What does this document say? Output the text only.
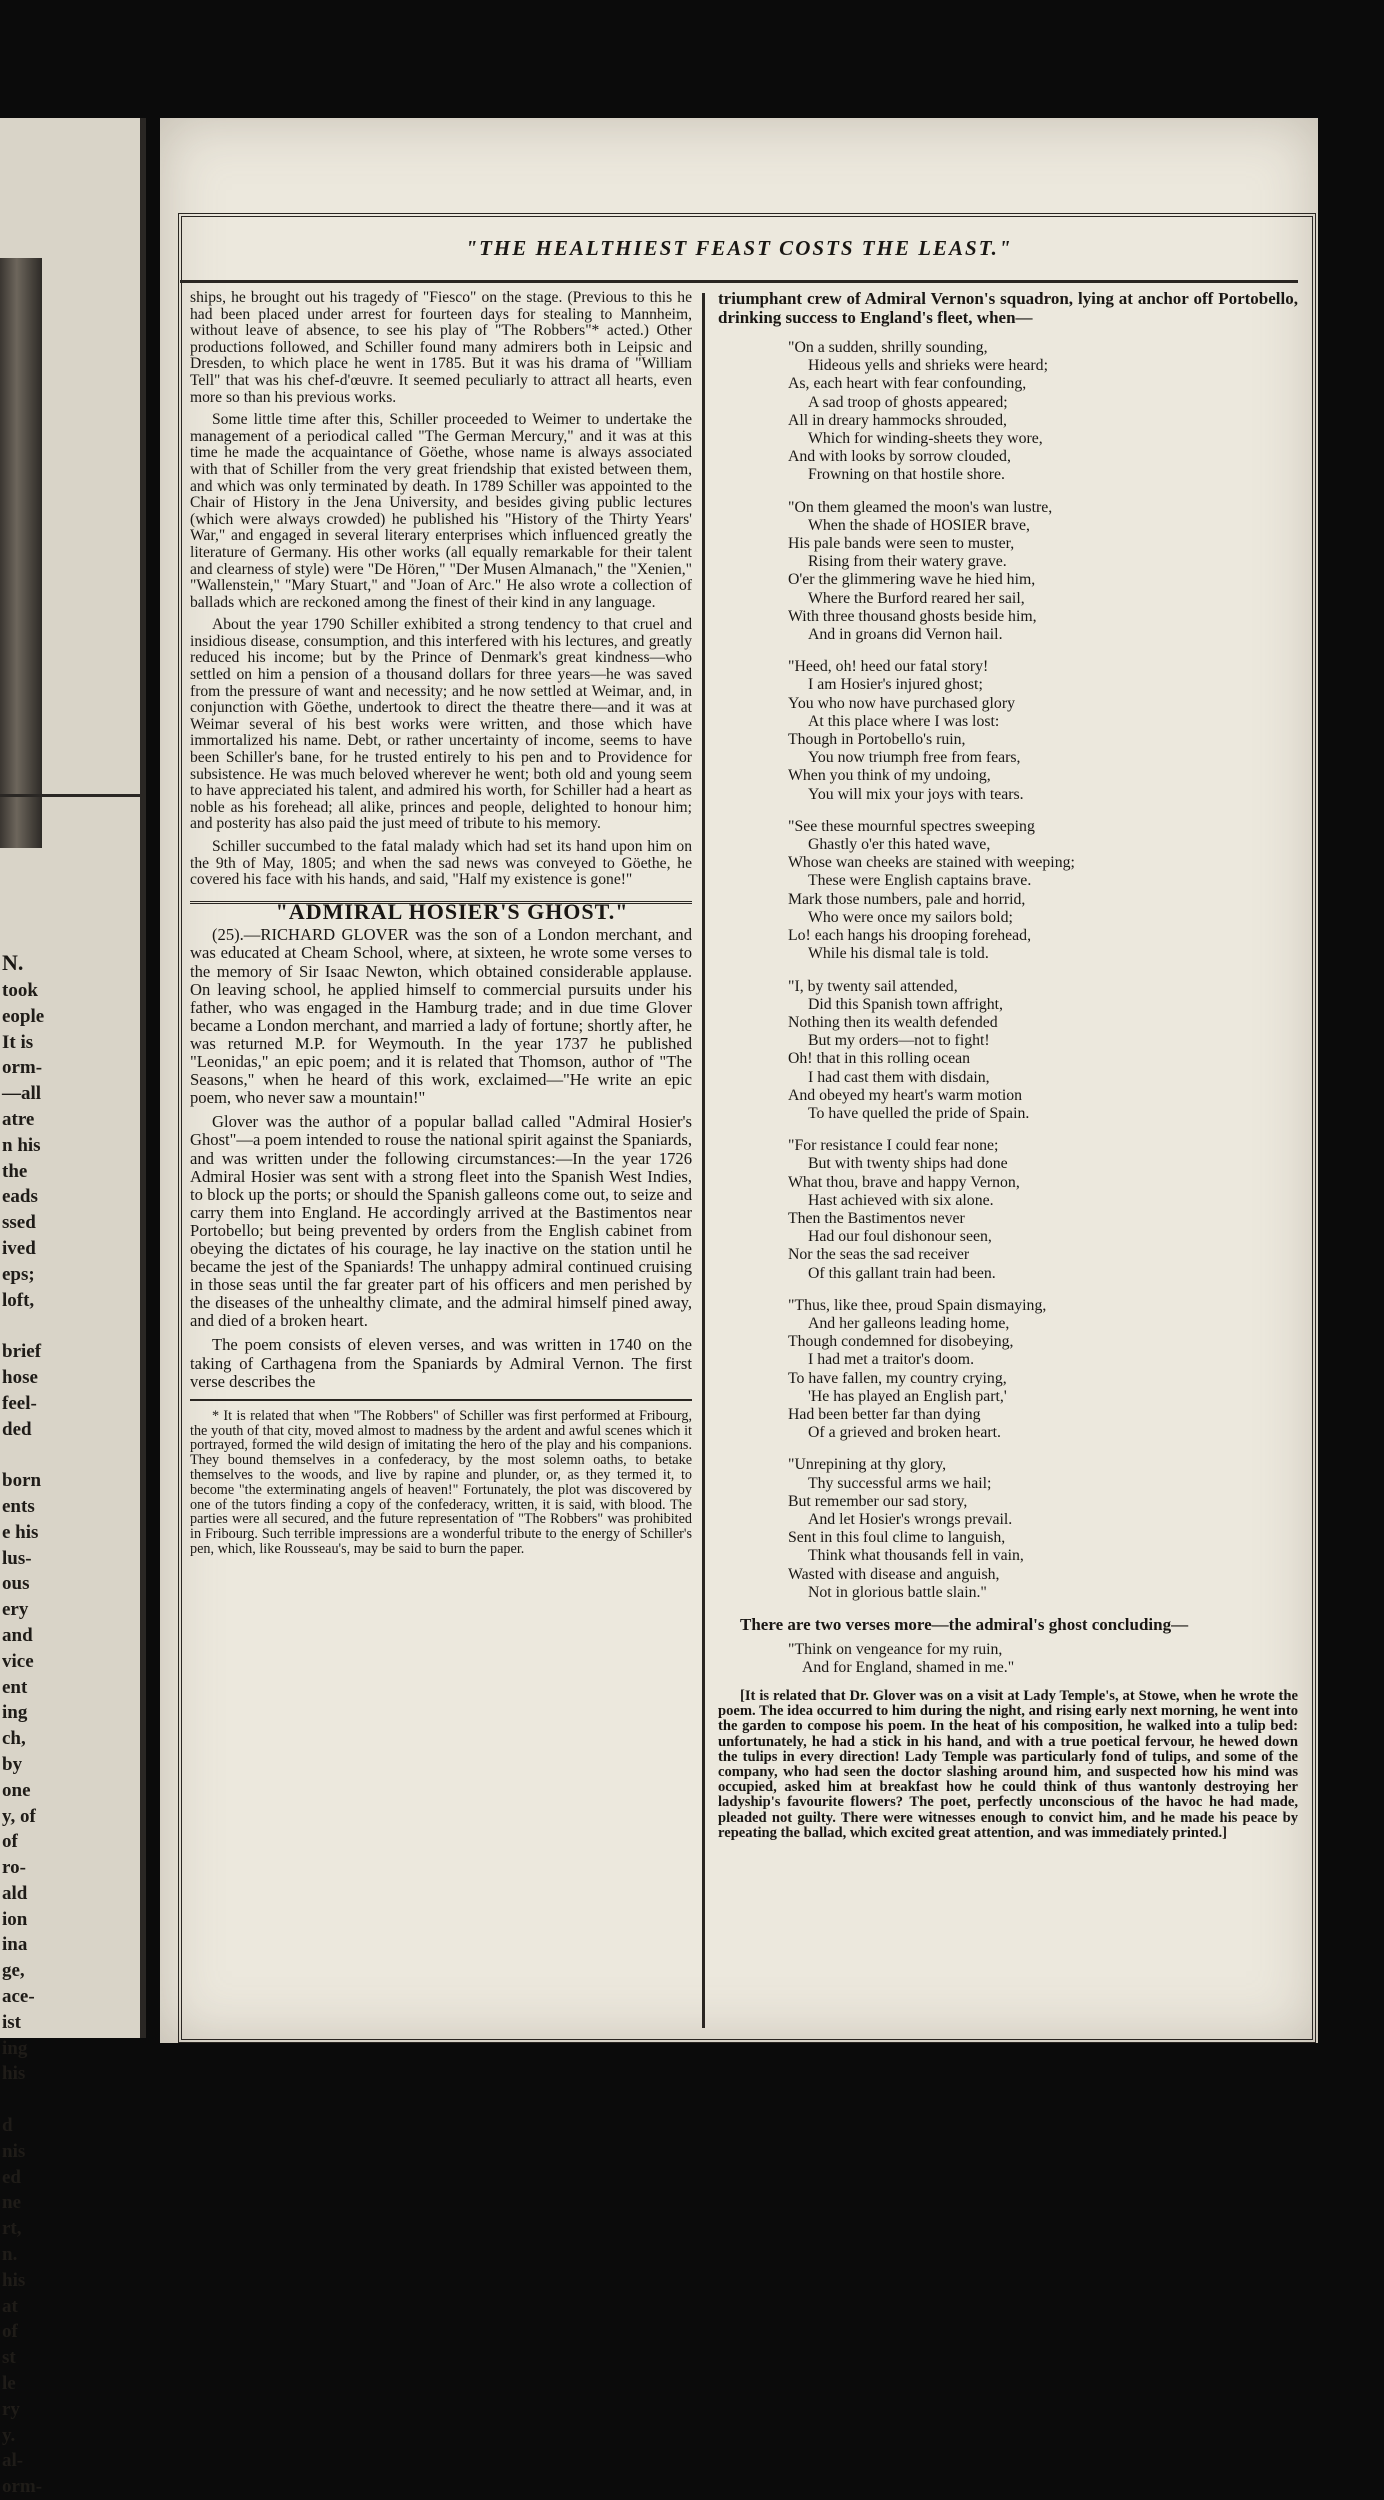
N.
took
eople
It is
orm-
—all
atre
n his
the
eads
ssed
ived
eps;
loft,
brief
hose
feel-
ded
born
ents
e his
lus-
ous
ery
and
vice
ent
ing
ch,
by
one
y, of
of
ro-
ald
ion
ina
ge,
ace-
ist
ing
his
d
nis
ed
ne
rt,
n.
his
at
of
st
le
ry
y.
al-
orm-
"THE HEALTHIEST FEAST COSTS THE LEAST."

ships, he brought out his tragedy of "Fiesco" on the stage. (Previous to this he had been placed under arrest for fourteen days for stealing to Mannheim, without leave of absence, to see his play of "The Robbers"* acted.) Other productions followed, and Schiller found many admirers both in Leipsic and Dresden, to which place he went in 1785. But it was his drama of "William Tell" that was his chef-d'œuvre. It seemed peculiarly to attract all hearts, even more so than his previous works.

Some little time after this, Schiller proceeded to Weimer to undertake the management of a periodical called "The German Mercury," and it was at this time he made the acquaintance of Göethe, whose name is always associated with that of Schiller from the very great friendship that existed between them, and which was only terminated by death. In 1789 Schiller was appointed to the Chair of History in the Jena University, and besides giving public lectures (which were always crowded) he published his "History of the Thirty Years' War," and engaged in several literary enterprises which influenced greatly the literature of Germany. His other works (all equally remarkable for their talent and clearness of style) were "De Hören," "Der Musen Almanach," the "Xenien," "Wallenstein," "Mary Stuart," and "Joan of Arc." He also wrote a collection of ballads which are reckoned among the finest of their kind in any language.

About the year 1790 Schiller exhibited a strong tendency to that cruel and insidious disease, consumption, and this interfered with his lectures, and greatly reduced his income; but by the Prince of Denmark's great kindness—who settled on him a pension of a thousand dollars for three years—he was saved from the pressure of want and necessity; and he now settled at Weimar, and, in conjunction with Göethe, undertook to direct the theatre there—and it was at Weimar several of his best works were written, and those which have immortalized his name. Debt, or rather uncertainty of income, seems to have been Schiller's bane, for he trusted entirely to his pen and to Providence for subsistence. He was much beloved wherever he went; both old and young seem to have appreciated his talent, and admired his worth, for Schiller had a heart as noble as his forehead; all alike, princes and people, delighted to honour him; and posterity has also paid the just meed of tribute to his memory.

Schiller succumbed to the fatal malady which had set its hand upon him on the 9th of May, 1805; and when the sad news was conveyed to Göethe, he covered his face with his hands, and said, "Half my existence is gone!"

"ADMIRAL HOSIER'S GHOST."

(25).—RICHARD GLOVER was the son of a London merchant, and was educated at Cheam School, where, at sixteen, he wrote some verses to the memory of Sir Isaac Newton, which obtained considerable applause. On leaving school, he applied himself to commercial pursuits under his father, who was engaged in the Hamburg trade; and in due time Glover became a London merchant, and married a lady of fortune; shortly after, he was returned M.P. for Weymouth. In the year 1737 he published "Leonidas," an epic poem; and it is related that Thomson, author of "The Seasons," when he heard of this work, exclaimed—"He write an epic poem, who never saw a mountain!"

Glover was the author of a popular ballad called "Admiral Hosier's Ghost"—a poem intended to rouse the national spirit against the Spaniards, and was written under the following circumstances:—In the year 1726 Admiral Hosier was sent with a strong fleet into the Spanish West Indies, to block up the ports; or should the Spanish galleons come out, to seize and carry them into England. He accordingly arrived at the Bastimentos near Portobello; but being prevented by orders from the English cabinet from obeying the dictates of his courage, he lay inactive on the station until he became the jest of the Spaniards! The unhappy admiral continued cruising in those seas until the far greater part of his officers and men perished by the diseases of the unhealthy climate, and the admiral himself pined away, and died of a broken heart.

The poem consists of eleven verses, and was written in 1740 on the taking of Carthagena from the Spaniards by Admiral Vernon. The first verse describes the

* It is related that when "The Robbers" of Schiller was first performed at Fribourg, the youth of that city, moved almost to madness by the ardent and awful scenes which it portrayed, formed the wild design of imitating the hero of the play and his companions. They bound themselves in a confederacy, by the most solemn oaths, to betake themselves to the woods, and live by rapine and plunder, or, as they termed it, to become "the exterminating angels of heaven!" Fortunately, the plot was discovered by one of the tutors finding a copy of the confederacy, written, it is said, with blood. The parties were all secured, and the future representation of "The Robbers" was prohibited in Fribourg. Such terrible impressions are a wonderful tribute to the energy of Schiller's pen, which, like Rousseau's, may be said to burn the paper.

triumphant crew of Admiral Vernon's squadron, lying at anchor off Portobello, drinking success to England's fleet, when—

"On a sudden, shrilly sounding,
Hideous yells and shrieks were heard;
As, each heart with fear confounding,
A sad troop of ghosts appeared;
All in dreary hammocks shrouded,
Which for winding-sheets they wore,
And with looks by sorrow clouded,
Frowning on that hostile shore.
"On them gleamed the moon's wan lustre,
When the shade of HOSIER brave,
His pale bands were seen to muster,
Rising from their watery grave.
O'er the glimmering wave he hied him,
Where the Burford reared her sail,
With three thousand ghosts beside him,
And in groans did Vernon hail.
"Heed, oh! heed our fatal story!
I am Hosier's injured ghost;
You who now have purchased glory
At this place where I was lost:
Though in Portobello's ruin,
You now triumph free from fears,
When you think of my undoing,
You will mix your joys with tears.
"See these mournful spectres sweeping
Ghastly o'er this hated wave,
Whose wan cheeks are stained with weeping;
These were English captains brave.
Mark those numbers, pale and horrid,
Who were once my sailors bold;
Lo! each hangs his drooping forehead,
While his dismal tale is told.
"I, by twenty sail attended,
Did this Spanish town affright,
Nothing then its wealth defended
But my orders—not to fight!
Oh! that in this rolling ocean
I had cast them with disdain,
And obeyed my heart's warm motion
To have quelled the pride of Spain.
"For resistance I could fear none;
But with twenty ships had done
What thou, brave and happy Vernon,
Hast achieved with six alone.
Then the Bastimentos never
Had our foul dishonour seen,
Nor the seas the sad receiver
Of this gallant train had been.
"Thus, like thee, proud Spain dismaying,
And her galleons leading home,
Though condemned for disobeying,
I had met a traitor's doom.
To have fallen, my country crying,
'He has played an English part,'
Had been better far than dying
Of a grieved and broken heart.
"Unrepining at thy glory,
Thy successful arms we hail;
But remember our sad story,
And let Hosier's wrongs prevail.
Sent in this foul clime to languish,
Think what thousands fell in vain,
Wasted with disease and anguish,
Not in glorious battle slain."

There are two verses more—the admiral's ghost concluding—

"Think on vengeance for my ruin,
And for England, shamed in me."

[It is related that Dr. Glover was on a visit at Lady Temple's, at Stowe, when he wrote the poem. The idea occurred to him during the night, and rising early next morning, he went into the garden to compose his poem. In the heat of his composition, he walked into a tulip bed: unfortunately, he had a stick in his hand, and with a true poetical fervour, he hewed down the tulips in every direction! Lady Temple was particularly fond of tulips, and some of the company, who had seen the doctor slashing around him, and suspected how his mind was occupied, asked him at breakfast how he could think of thus wantonly destroying her ladyship's favourite flowers? The poet, perfectly unconscious of the havoc he had made, pleaded not guilty. There were witnesses enough to convict him, and he made his peace by repeating the ballad, which excited great attention, and was immediately printed.]
